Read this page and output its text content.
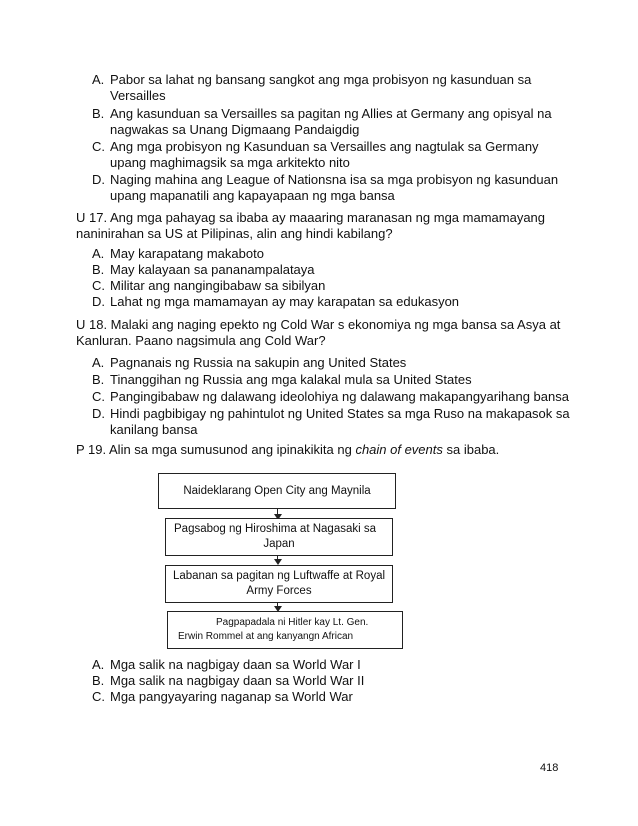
A. Pabor sa lahat ng bansang sangkot ang mga probisyon ng kasunduan sa
Versailles
B. Ang kasunduan sa Versailles sa pagitan ng Allies at Germany ang opisyal na
nagwakas sa Unang Digmaang Pandaigdig
C. Ang mga probisyon ng Kasunduan sa Versailles ang nagtulak sa Germany
upang maghimagsik sa mga arkitekto nito
D. Naging mahina ang League of Nationsna isa sa mga probisyon ng kasunduan
upang mapanatili ang kapayapaan ng mga bansa
U 17. Ang mga pahayag sa ibaba ay maaaring maranasan ng mga mamamayang
naninirahan sa US at Pilipinas, alin ang hindi kabilang?
A. May karapatang makaboto
B. May kalayaan sa pananampalataya
C. Militar ang nangingibabaw sa sibilyan
D. Lahat ng mga mamamayan ay may karapatan sa edukasyon
U 18. Malaki ang naging epekto ng Cold War s ekonomiya ng mga bansa sa Asya at
Kanluran. Paano nagsimula ang Cold War?
A. Pagnanais ng Russia na sakupin ang United States
B. Tinanggihan ng Russia ang mga kalakal mula sa United States
C. Pangingibabaw ng dalawang ideolohiya ng dalawang makapangyarihang bansa
D. Hindi pagbibigay ng pahintulot ng United States sa mga Ruso na makapasok sa
kanilang bansa
P 19. Alin sa mga sumusunod ang ipinakikita ng chain of events sa ibaba.
Naideklarang Open City ang Maynila
Pagsabog ng Hiroshima at Nagasaki sa
Japan
Labanan sa pagitan ng Luftwaffe at Royal
Army Forces
Pagpapadala ni Hitler kay Lt. Gen.
Erwin Rommel at ang kanyangn African
A. Mga salik na nagbigay daan sa World War I
B. Mga salik na nagbigay daan sa World War II
C. Mga pangyayaring naganap sa World War
418
